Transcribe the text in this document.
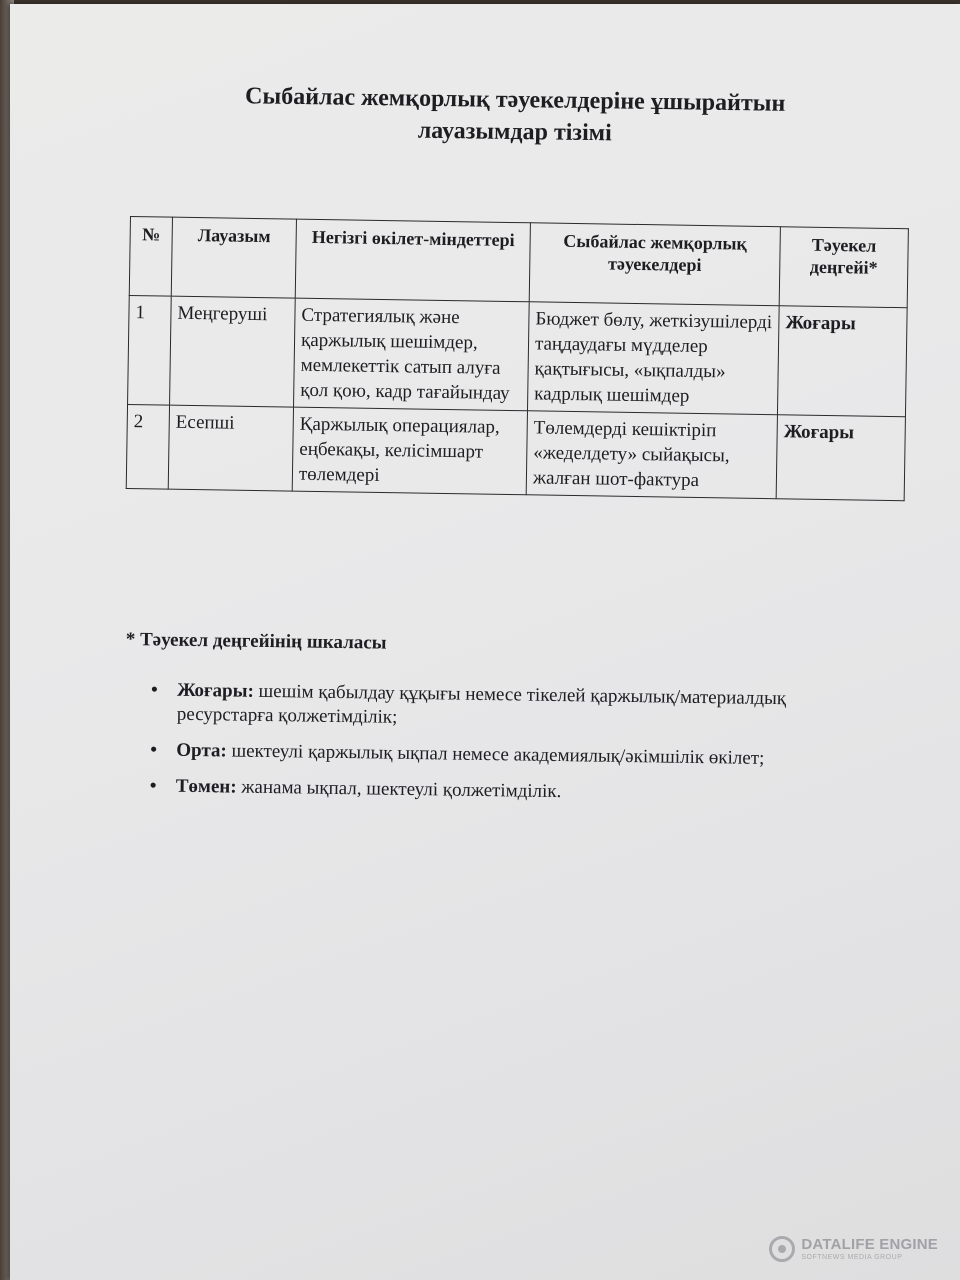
Сыбайлас жемқорлық тәуекелдеріне ұшырайтын
лауазымдар тізімі
№	Лауазым	Негізгі өкілет-міндеттері	Сыбайлас жемқорлық тәуекелдері	Тәуекел деңгейі*
1	Меңгеруші	Стратегиялық және қаржылық шешімдер, мемлекеттік сатып алуға қол қою, кадр тағайындау	Бюджет бөлу, жеткізушілерді таңдаудағы мүдделер қақтығысы, «ықпалды» кадрлық шешімдер	Жоғары
2	Есепші	Қаржылық операциялар, еңбекақы, келісімшарт төлемдері	Төлемдерді кешіктіріп «жеделдету» сыйақысы, жалған шот-фактура	Жоғары
* Тәуекел деңгейінің шкаласы
• Жоғары: шешім қабылдау құқығы немесе тікелей қаржылық/материалдық ресурстарға қолжетімділік;
• Орта: шектеулі қаржылық ықпал немесе академиялық/әкімшілік өкілет;
• Төмен: жанама ықпал, шектеулі қолжетімділік.
DATALIFE ENGINE
SOFTNEWS MEDIA GROUP
